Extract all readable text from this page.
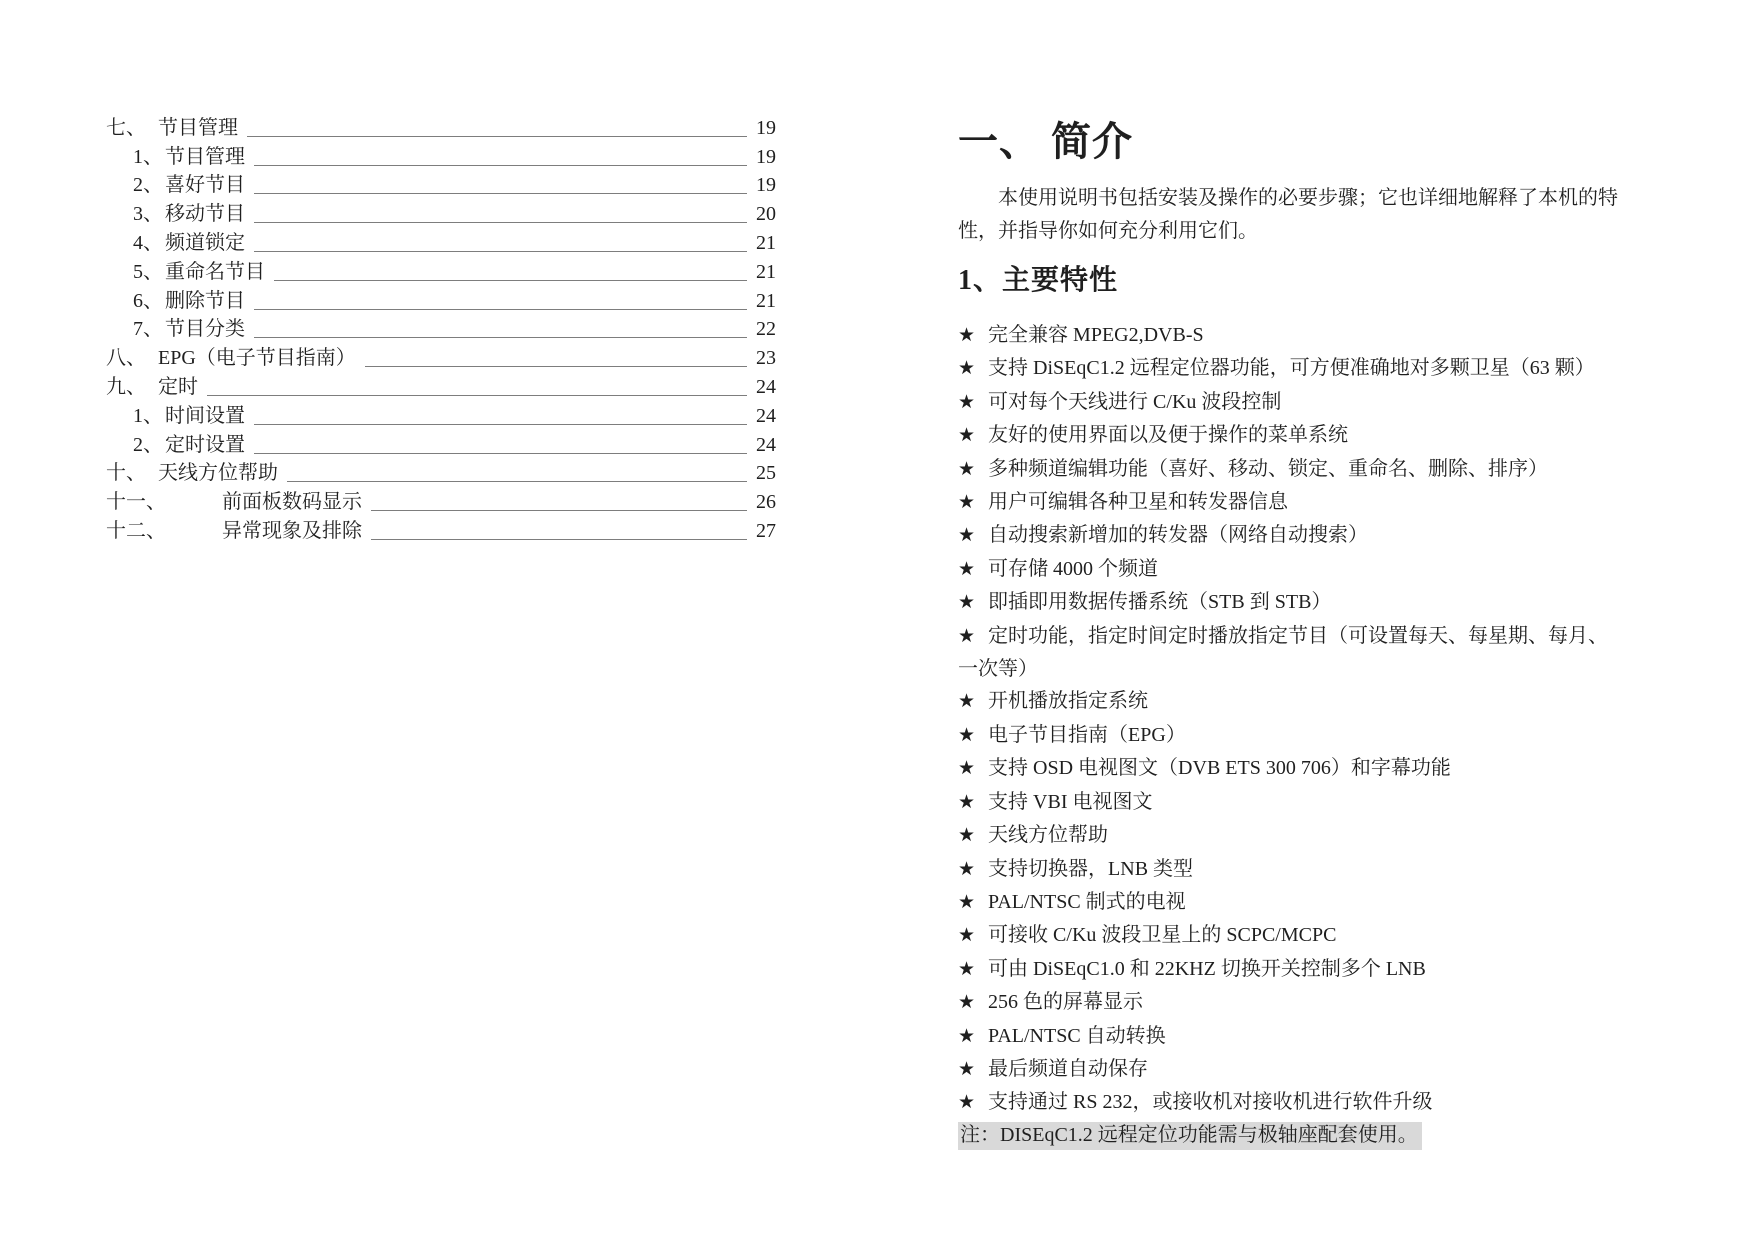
七、 节目管理	19
1、 节目管理	19
2、 喜好节目	19
3、 移动节目	20
4、 频道锁定	21
5、 重命名节目	21
6、 删除节目	21
7、 节目分类	22
八、 EPG（电子节目指南）	23
九、 定时	24
1、 时间设置	24
2、 定时设置	24
十、 天线方位帮助	25
十一、	前面板数码显示	26
十二、	异常现象及排除	27
一、 简介

本使用说明书包括安装及操作的必要步骤；它也详细地解释了本机的特性，并指导你如何充分利用它们。

1、主要特性
★ 完全兼容 MPEG2,DVB-S
★ 支持 DiSEqC1.2 远程定位器功能，可方便准确地对多颗卫星（63 颗）
★ 可对每个天线进行 C/Ku 波段控制
★ 友好的使用界面以及便于操作的菜单系统
★ 多种频道编辑功能（喜好、移动、锁定、重命名、删除、排序）
★ 用户可编辑各种卫星和转发器信息
★ 自动搜索新增加的转发器（网络自动搜索）
★ 可存储 4000 个频道
★ 即插即用数据传播系统（STB 到 STB）
★ 定时功能，指定时间定时播放指定节目（可设置每天、每星期、每月、一次等）
★ 开机播放指定系统
★ 电子节目指南（EPG）
★ 支持 OSD 电视图文（DVB ETS 300 706）和字幕功能
★ 支持 VBI 电视图文
★ 天线方位帮助
★ 支持切换器，LNB 类型
★ PAL/NTSC 制式的电视
★ 可接收 C/Ku 波段卫星上的 SCPC/MCPC
★ 可由 DiSEqC1.0 和 22KHZ 切换开关控制多个 LNB
★ 256 色的屏幕显示
★ PAL/NTSC 自动转换
★ 最后频道自动保存
★ 支持通过 RS 232，或接收机对接收机进行软件升级
注：DISEqC1.2 远程定位功能需与极轴座配套使用。
